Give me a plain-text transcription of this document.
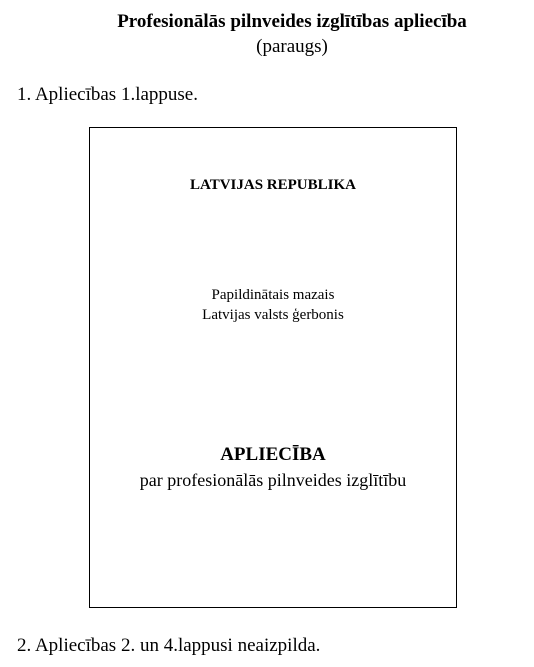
Profesionālās pilnveides izglītības apliecība
(paraugs)
1. Apliecības 1.lappuse.
LATVIJAS REPUBLIKA
Papildinātais mazais
Latvijas valsts ģerbonis
APLIECĪBA
par profesionālās pilnveides izglītību
2. Apliecības 2. un 4.lappusi neaizpilda.
